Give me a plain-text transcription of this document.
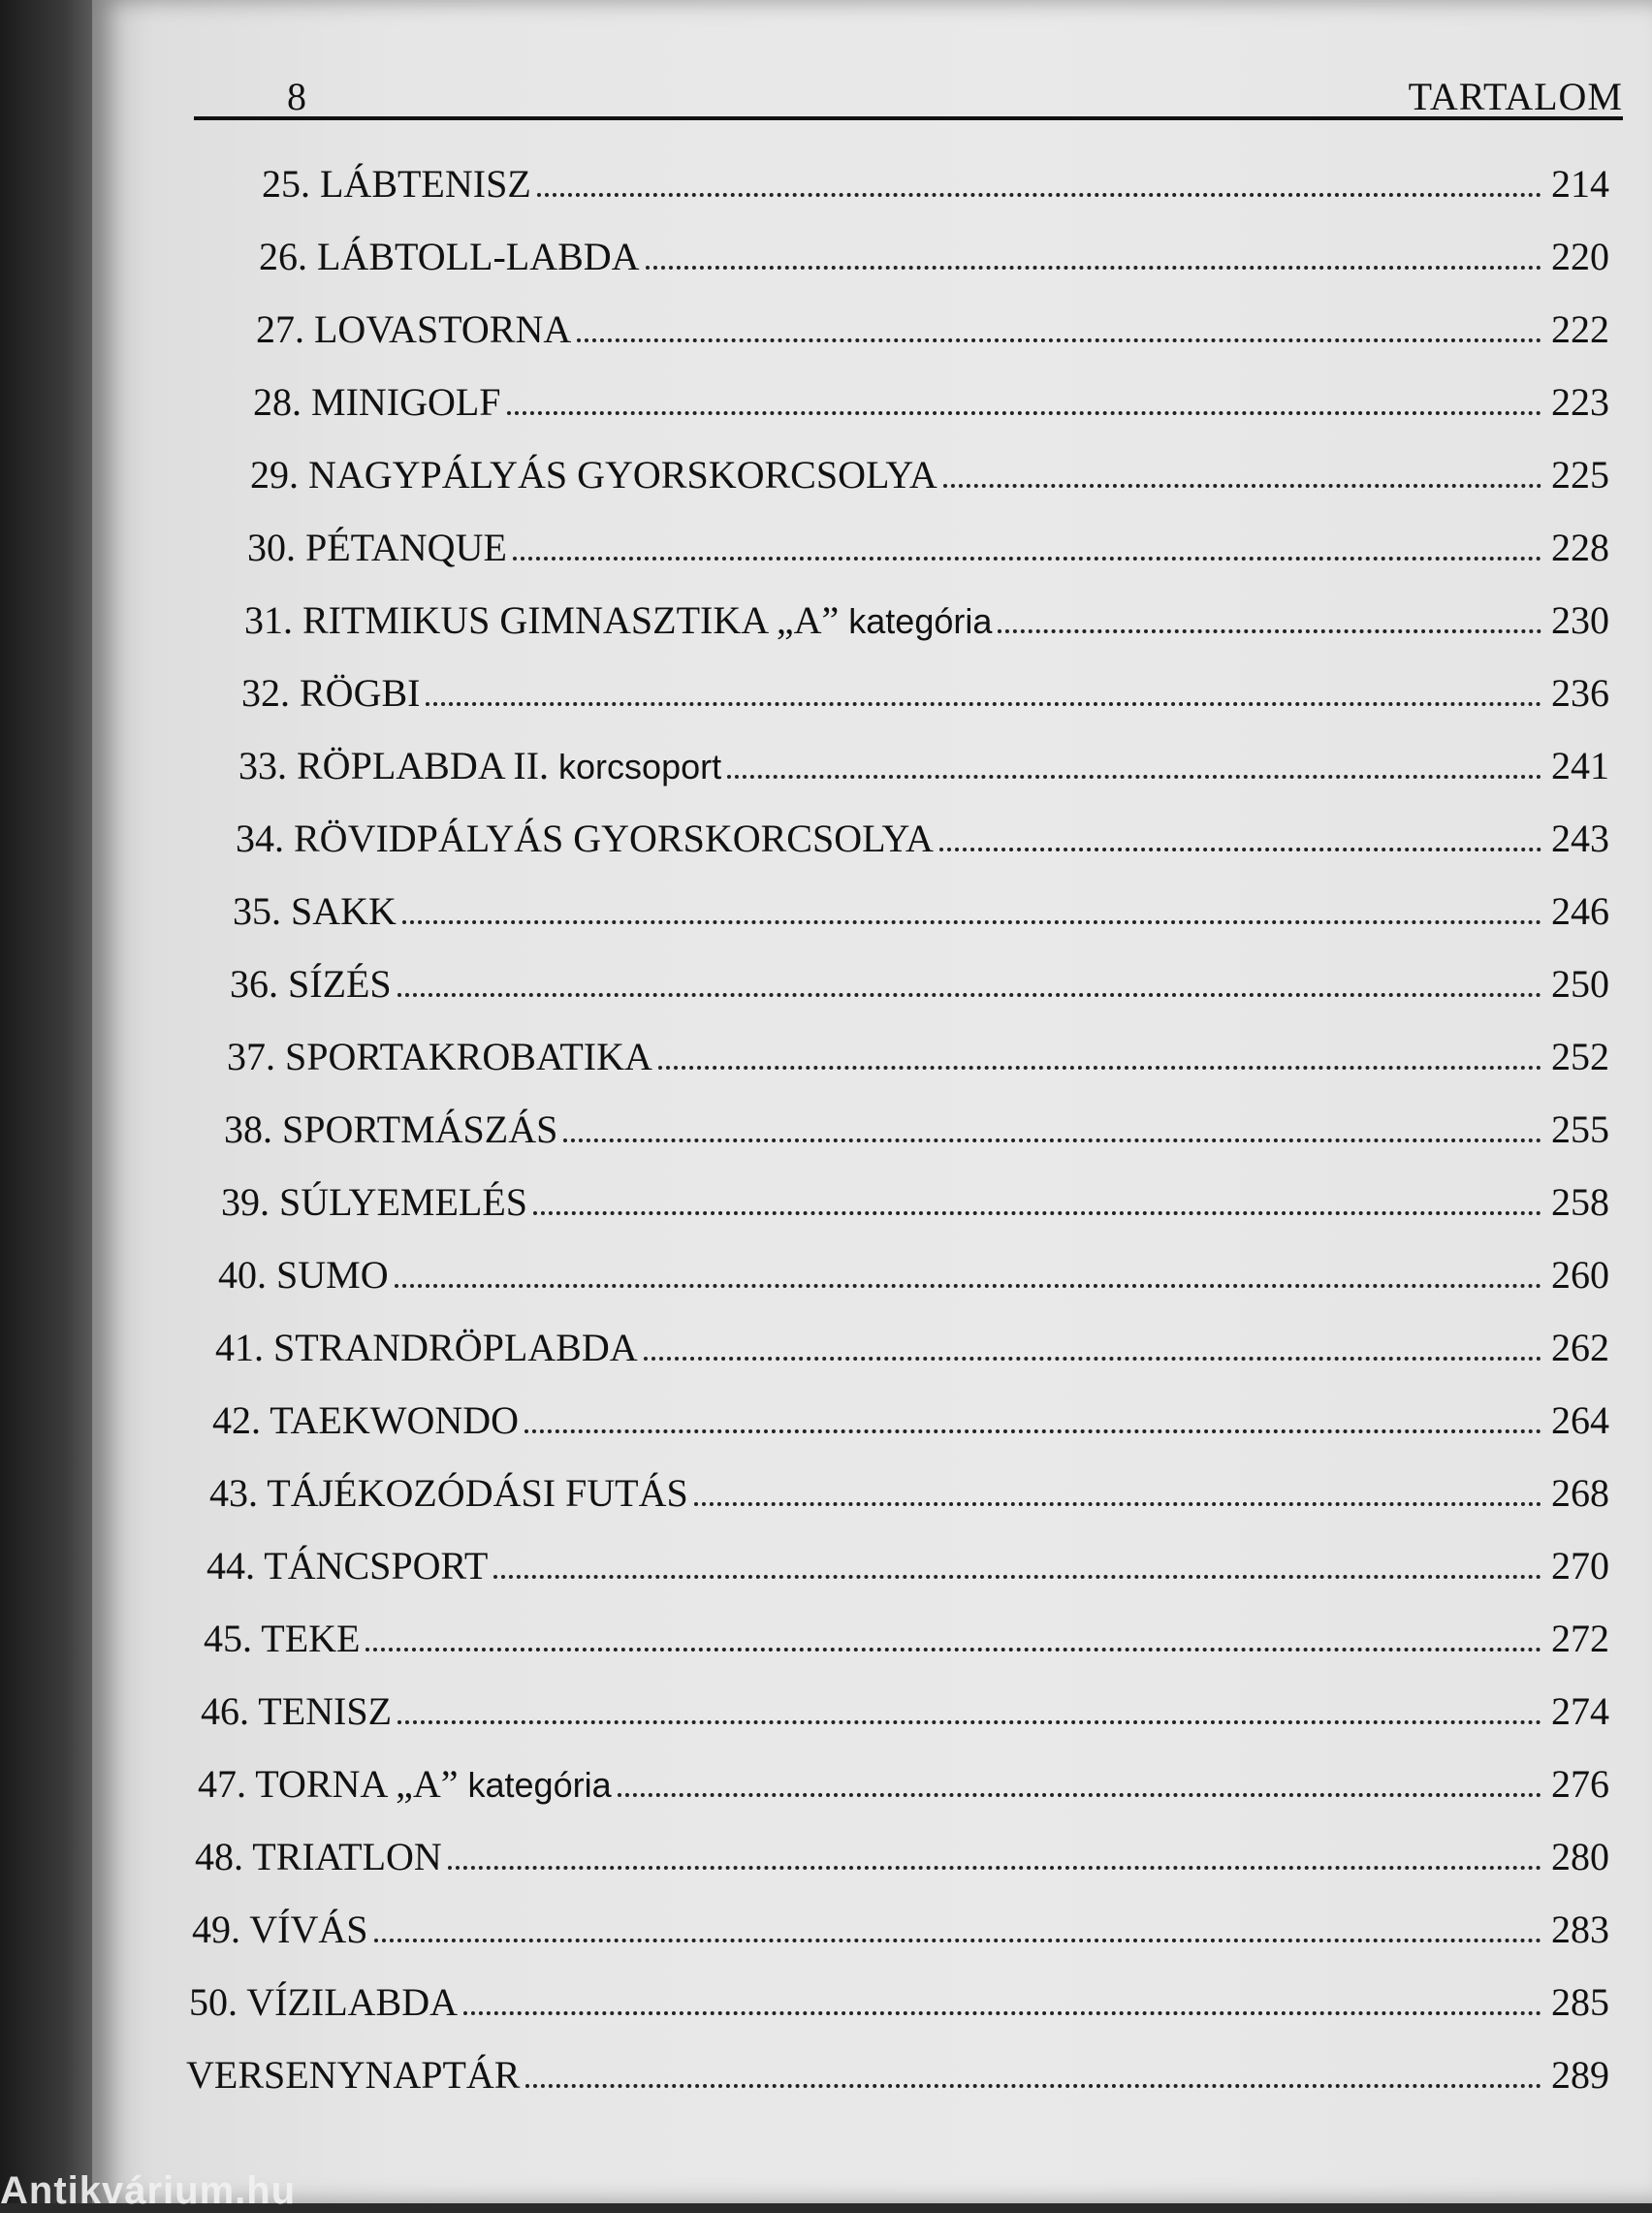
8	TARTALOM
25. LÁBTENISZ	214
26. LÁBTOLL-LABDA	220
27. LOVASTORNA	222
28. MINIGOLF	223
29. NAGYPÁLYÁS GYORSKORCSOLYA	225
30. PÉTANQUE	228
31. RITMIKUS GIMNASZTIKA „A” kategória	230
32. RÖGBI	236
33. RÖPLABDA II. korcsoport	241
34. RÖVIDPÁLYÁS GYORSKORCSOLYA	243
35. SAKK	246
36. SÍZÉS	250
37. SPORTAKROBATIKA	252
38. SPORTMÁSZÁS	255
39. SÚLYEMELÉS	258
40. SUMO	260
41. STRANDRÖPLABDA	262
42. TAEKWONDO	264
43. TÁJÉKOZÓDÁSI FUTÁS	268
44. TÁNCSPORT	270
45. TEKE	272
46. TENISZ	274
47. TORNA „A” kategória	276
48. TRIATLON	280
49. VÍVÁS	283
50. VÍZILABDA	285
VERSENYNAPTÁR	289
Antikvárium.hu
